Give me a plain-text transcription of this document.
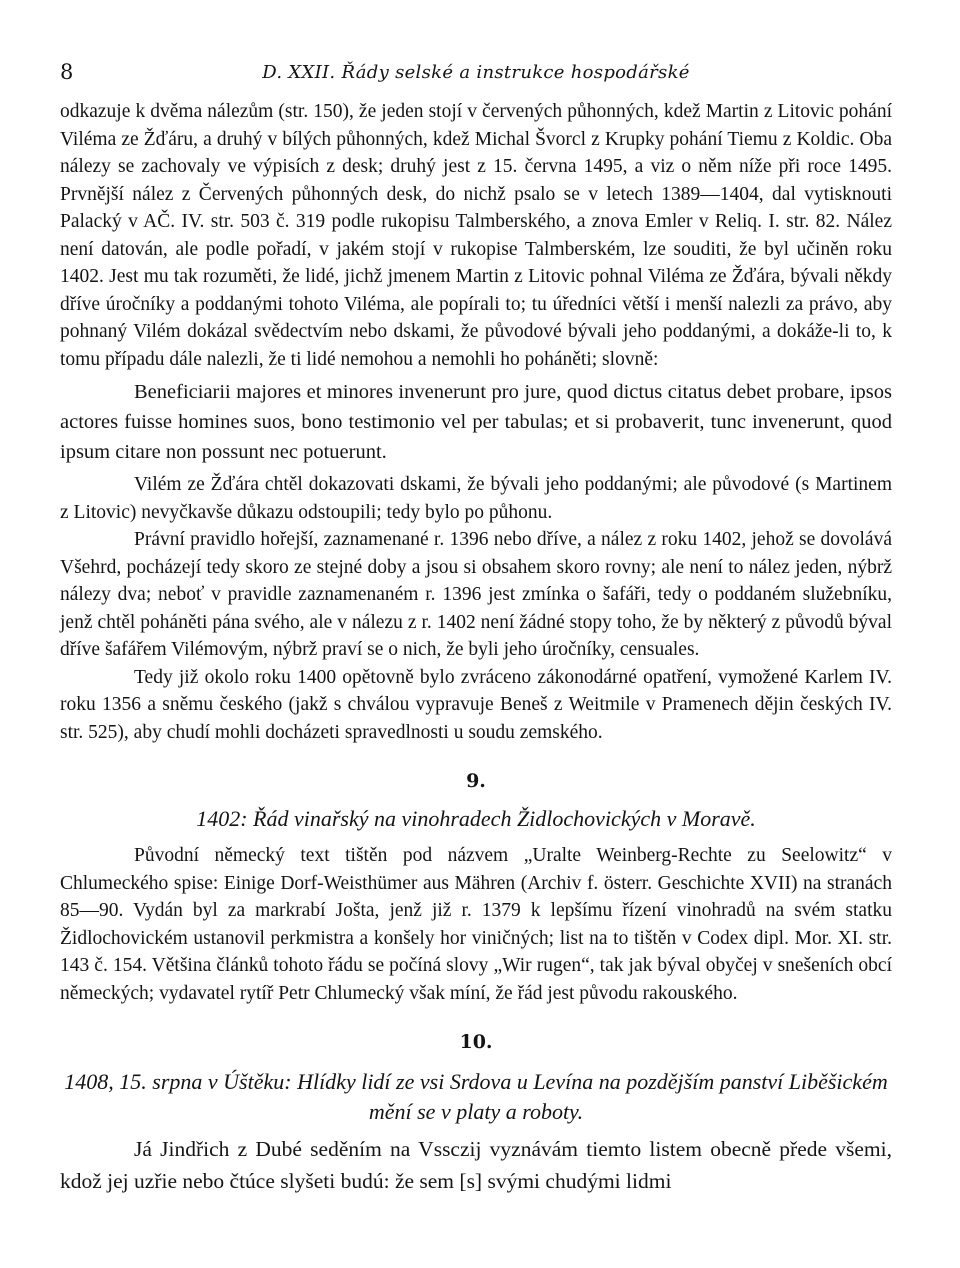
8	D. XXII. Řády selské a instrukce hospodářské

odkazuje k dvěma nálezům (str. 150), že jeden stojí v červených půhonných, kdež Martin z Litovic pohání Viléma ze Žďáru, a druhý v bílých půhonných, kdež Michal Švorcl z Krupky pohání Tiemu z Koldic. Oba nálezy se zachovaly ve výpisích z desk; druhý jest z 15. června 1495, a viz o něm níže při roce 1495. Prvnější nález z Červených půhonných desk, do nichž psalo se v letech 1389—1404, dal vytisknouti Palacký v AČ. IV. str. 503 č. 319 podle rukopisu Talmberského, a znova Emler v Reliq. I. str. 82. Nález není datován, ale podle pořadí, v jakém stojí v rukopise Talmberském, lze souditi, že byl učiněn roku 1402. Jest mu tak rozuměti, že lidé, jichž jmenem Martin z Litovic pohnal Viléma ze Žďára, bývali někdy dříve úročníky a poddanými tohoto Viléma, ale popírali to; tu úředníci větší i menší nalezli za právo, aby pohnaný Vilém dokázal svědectvím nebo dskami, že původové bývali jeho poddanými, a dokáže-li to, k tomu případu dále nalezli, že ti lidé nemohou a nemohli ho poháněti; slovně:

Beneficiarii majores et minores invenerunt pro jure, quod dictus citatus debet probare, ipsos actores fuisse homines suos, bono testimonio vel per tabulas; et si probaverit, tunc invenerunt, quod ipsum citare non possunt nec potuerunt.

Vilém ze Žďára chtěl dokazovati dskami, že bývali jeho poddanými; ale původové (s Martinem z Litovic) nevyčkavše důkazu odstoupili; tedy bylo po půhonu.

Právní pravidlo hořejší, zaznamenané r. 1396 nebo dříve, a nález z roku 1402, jehož se dovolává Všehrd, pocházejí tedy skoro ze stejné doby a jsou si obsahem skoro rovny; ale není to nález jeden, nýbrž nálezy dva; neboť v pravidle zaznamenaném r. 1396 jest zmínka o šafáři, tedy o poddaném služebníku, jenž chtěl poháněti pána svého, ale v nálezu z r. 1402 není žádné stopy toho, že by některý z původů býval dříve šafářem Vilémovým, nýbrž praví se o nich, že byli jeho úročníky, censuales.

Tedy již okolo roku 1400 opětovně bylo zvráceno zákonodárné opatření, vymožené Karlem IV. roku 1356 a sněmu českého (jakž s chválou vypravuje Beneš z Weitmile v Pramenech dějin českých IV. str. 525), aby chudí mohli docházeti spravedlnosti u soudu zemského.

9.
1402: Řád vinařský na vinohradech Židlochovických v Moravě.

Původní německý text tištěn pod názvem „Uralte Weinberg-Rechte zu Seelowitz“ v Chlumeckého spise: Einige Dorf-Weisthümer aus Mähren (Archiv f. österr. Geschichte XVII) na stranách 85—90. Vydán byl za markrabí Jošta, jenž již r. 1379 k lepšímu řízení vinohradů na svém statku Židlochovickém ustanovil perkmistra a konšely hor viničných; list na to tištěn v Codex dipl. Mor. XI. str. 143 č. 154. Většina článků tohoto řádu se počíná slovy „Wir rugen“, tak jak býval obyčej v snešeních obcí německých; vydavatel rytíř Petr Chlumecký však míní, že řád jest původu rakouského.

10.
1408, 15. srpna v Úštěku: Hlídky lidí ze vsi Srdova u Levína na pozdějším panství Liběšickém mění se v platy a roboty.

Já Jindřich z Dubé seděním na Vssczij vyznávám tiemto listem obecně přede všemi, kdož jej uzřie nebo čtúce slyšeti budú: že sem [s] svými chudými lidmi
